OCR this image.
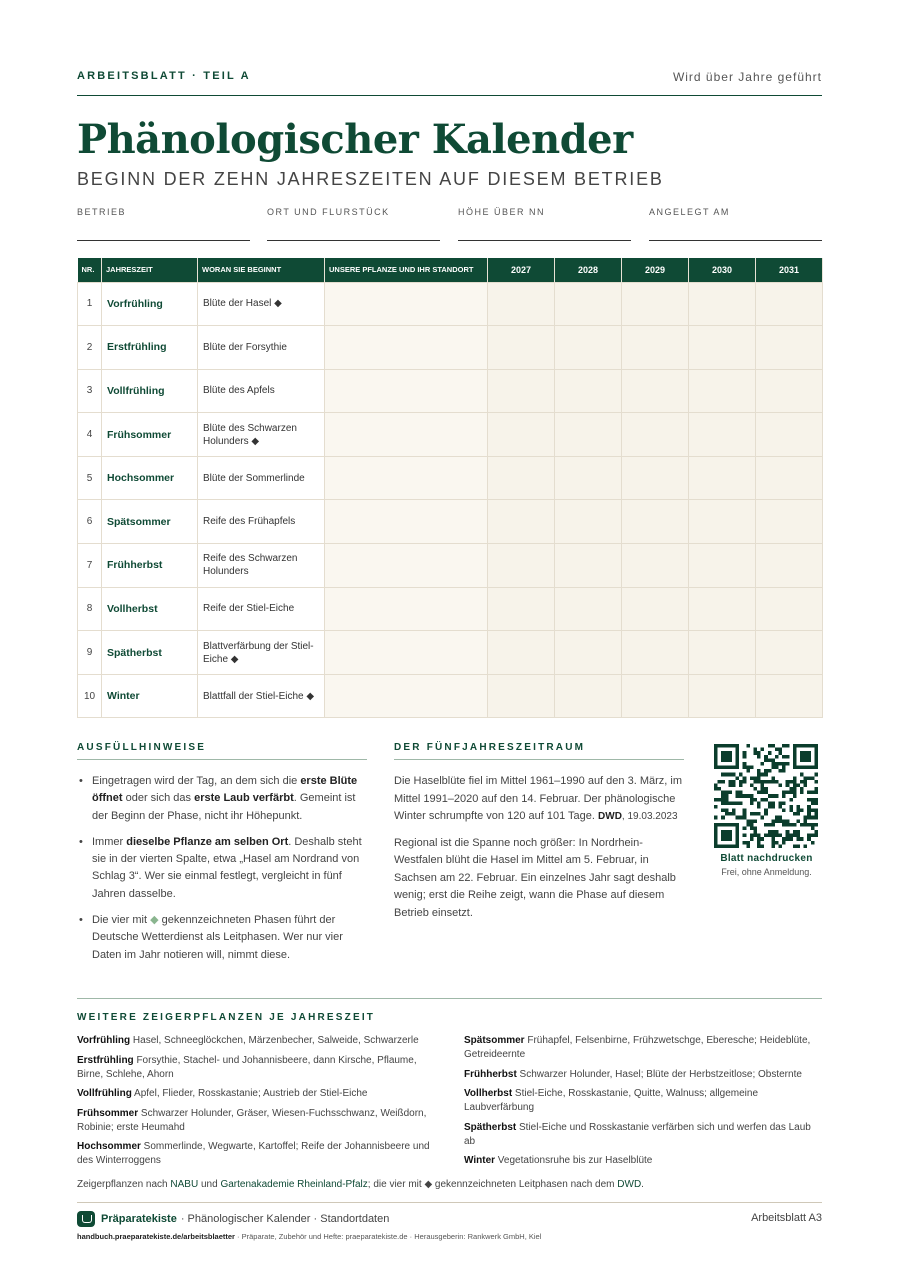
ARBEITSBLATT · TEIL A	Wird über Jahre geführt
Phänologischer Kalender
BEGINN DER ZEHN JAHRESZEITEN AUF DIESEM BETRIEB
BETRIEB	ORT UND FLURSTÜCK	HÖHE ÜBER NN	ANGELEGT AM
NR.	JAHRESZEIT	WORAN SIE BEGINNT	UNSERE PFLANZE UND IHR STANDORT	2027	2028	2029	2030	2031
1	Vorfrühling	Blüte der Hasel ◆						
2	Erstfrühling	Blüte der Forsythie						
3	Vollfrühling	Blüte des Apfels						
4	Frühsommer	Blüte des Schwarzen Holunders ◆						
5	Hochsommer	Blüte der Sommerlinde						
6	Spätsommer	Reife des Frühapfels						
7	Frühherbst	Reife des Schwarzen Holunders						
8	Vollherbst	Reife der Stiel-Eiche						
9	Spätherbst	Blattverfärbung der Stiel-Eiche ◆						
10	Winter	Blattfall der Stiel-Eiche ◆						
AUSFÜLLHINWEISE
• Eingetragen wird der Tag, an dem sich die erste Blüte öffnet oder sich das erste Laub verfärbt. Gemeint ist der Beginn der Phase, nicht ihr Höhepunkt.
• Immer dieselbe Pflanze am selben Ort. Deshalb steht sie in der vierten Spalte, etwa „Hasel am Nordrand von Schlag 3“. Wer sie einmal festlegt, vergleicht in fünf Jahren dasselbe.
• Die vier mit ◆ gekennzeichneten Phasen führt der Deutsche Wetterdienst als Leitphasen. Wer nur vier Daten im Jahr notieren will, nimmt diese.
DER FÜNFJAHRESZEITRAUM

Die Haselblüte fiel im Mittel 1961–1990 auf den 3. März, im Mittel 1991–2020 auf den 14. Februar. Der phänologische Winter schrumpfte von 120 auf 101 Tage. DWD, 19.03.2023

Regional ist die Spanne noch größer: In Nordrhein-Westfalen blüht die Hasel im Mittel am 5. Februar, in Sachsen am 22. Februar. Ein einzelnes Jahr sagt deshalb wenig; erst die Reihe zeigt, wann die Phase auf diesem Betrieb einsetzt.

Blatt nachdrucken
Frei, ohne Anmeldung.
WEITERE ZEIGERPFLANZEN JE JAHRESZEIT
Vorfrühling Hasel, Schneeglöckchen, Märzenbecher, Salweide, Schwarzerle
Erstfrühling Forsythie, Stachel- und Johannisbeere, dann Kirsche, Pflaume, Birne, Schlehe, Ahorn
Vollfrühling Apfel, Flieder, Rosskastanie; Austrieb der Stiel-Eiche
Frühsommer Schwarzer Holunder, Gräser, Wiesen-Fuchsschwanz, Weißdorn, Robinie; erste Heumahd
Hochsommer Sommerlinde, Wegwarte, Kartoffel; Reife der Johannisbeere und des Winterroggens
Spätsommer Frühapfel, Felsenbirne, Frühzwetschge, Eberesche; Heideblüte, Getreideernte
Frühherbst Schwarzer Holunder, Hasel; Blüte der Herbstzeitlose; Obsternte
Vollherbst Stiel-Eiche, Rosskastanie, Quitte, Walnuss; allgemeine Laubverfärbung
Spätherbst Stiel-Eiche und Rosskastanie verfärben sich und werfen das Laub ab
Winter Vegetationsruhe bis zur Haselblüte
Zeigerpflanzen nach NABU und Gartenakademie Rheinland-Pfalz; die vier mit ◆ gekennzeichneten Leitphasen nach dem DWD.
Präparatekiste · Phänologischer Kalender · Standortdaten	Arbeitsblatt A3
handbuch.praeparatekiste.de/arbeitsblaetter · Präparate, Zubehör und Hefte: praeparatekiste.de · Herausgeberin: Rankwerk GmbH, Kiel
